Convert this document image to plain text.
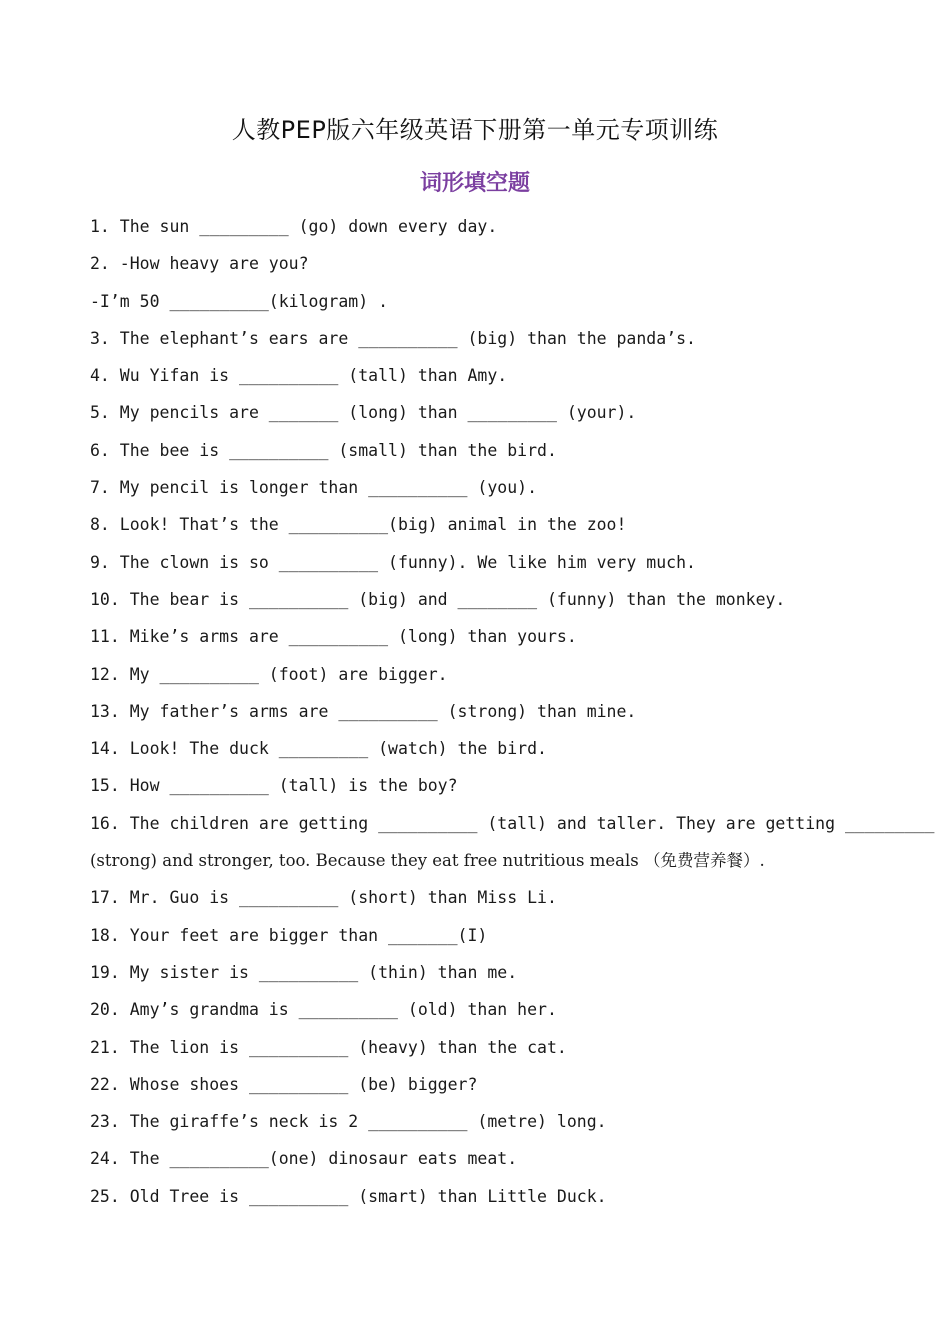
人教PEP版六年级英语下册第一单元专项训练
词形填空题
1. The sun _________ (go) down every day.
2. -How heavy are you?
-I’m 50 __________(kilogram) .
3. The elephant’s ears are __________ (big) than the panda’s.
4. Wu Yifan is __________ (tall) than Amy.
5. My pencils are _______ (long) than _________ (your).
6. The bee is __________ (small) than the bird.
7. My pencil is longer than __________ (you).
8. Look! That’s the __________(big) animal in the zoo!
9. The clown is so __________ (funny). We like him very much.
10. The bear is __________ (big) and ________ (funny) than the monkey.
11. Mike’s arms are __________ (long) than yours.
12. My __________ (foot) are bigger.
13. My father’s arms are __________ (strong) than mine.
14. Look! The duck _________ (watch) the bird.
15. How __________ (tall) is the boy?
16. The children are getting __________ (tall) and taller. They are getting _________
(strong) and stronger, too. Because they eat free nutritious meals （免费营养餐）.
17. Mr. Guo is __________ (short) than Miss Li.
18. Your feet are bigger than _______(I)
19. My sister is __________ (thin) than me.
20. Amy’s grandma is __________ (old) than her.
21. The lion is __________ (heavy) than the cat.
22. Whose shoes __________ (be) bigger?
23. The giraffe’s neck is 2 __________ (metre) long.
24. The __________(one) dinosaur eats meat.
25. Old Tree is __________ (smart) than Little Duck.
